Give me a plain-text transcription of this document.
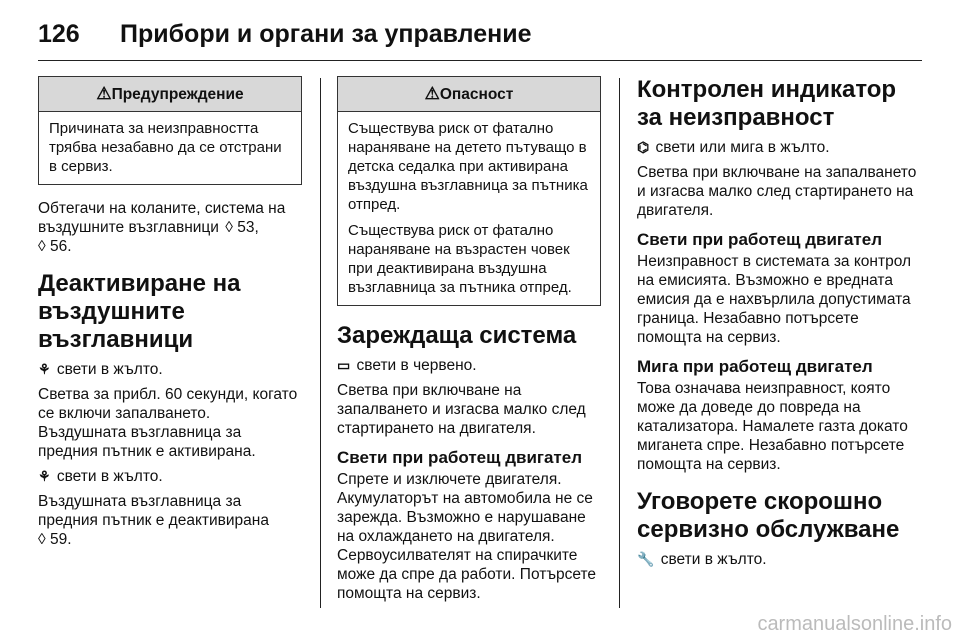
126 Прибори и органи за управление
⚠Предупреждение

Причината за неизправността трябва незабавно да се отстрани в сервиз.

Обтегачи на коланите, система на въздушните възглавници ◊ 53,
◊ 56.

Деактивиране на въздушните възглавници

⚘ свети в жълто.

Светва за прибл. 60 секунди, когато се включи запалването. Въздушната възглавница за предния пътник е активирана.

⚘ свети в жълто.

Въздушната възглавница за предния пътник е деактивирана
◊ 59.

⚠Опасност

Съществува риск от фатално нараняване на детето пътуващо в детска седалка при активирана въздушна възглавница за пътника отпред.

Съществува риск от фатално нараняване на възрастен човек при деактивирана въздушна възглавница за пътника отпред.

Зареждаща система

▭ свети в червено.

Светва при включване на запалването и изгасва малко след стартирането на двигателя.

Свети при работещ двигател

Спрете и изключете двигателя. Акумулаторът на автомобила не се зарежда. Възможно е нарушаване на охлаждането на двигателя. Сервоусилвателят на спирачките може да спре да работи. Потърсете помощта на сервиз.

Контролен индикатор за неизправност

⌬ свети или мига в жълто.

Светва при включване на запалването и изгасва малко след стартирането на двигателя.

Свети при работещ двигател

Неизправност в системата за контрол на емисията. Възможно е вредната емисия да е нахвърлила допустимата граница. Незабавно потърсете помощта на сервиз.

Мига при работещ двигател

Това означава неизправност, която може да доведе до повреда на катализатора. Намалете газта докато миганета спре. Незабавно потърсете помощта на сервиз.

Уговорете скорошно сервизно обслужване

🔧 свети в жълто.

carmanualsonline.info
